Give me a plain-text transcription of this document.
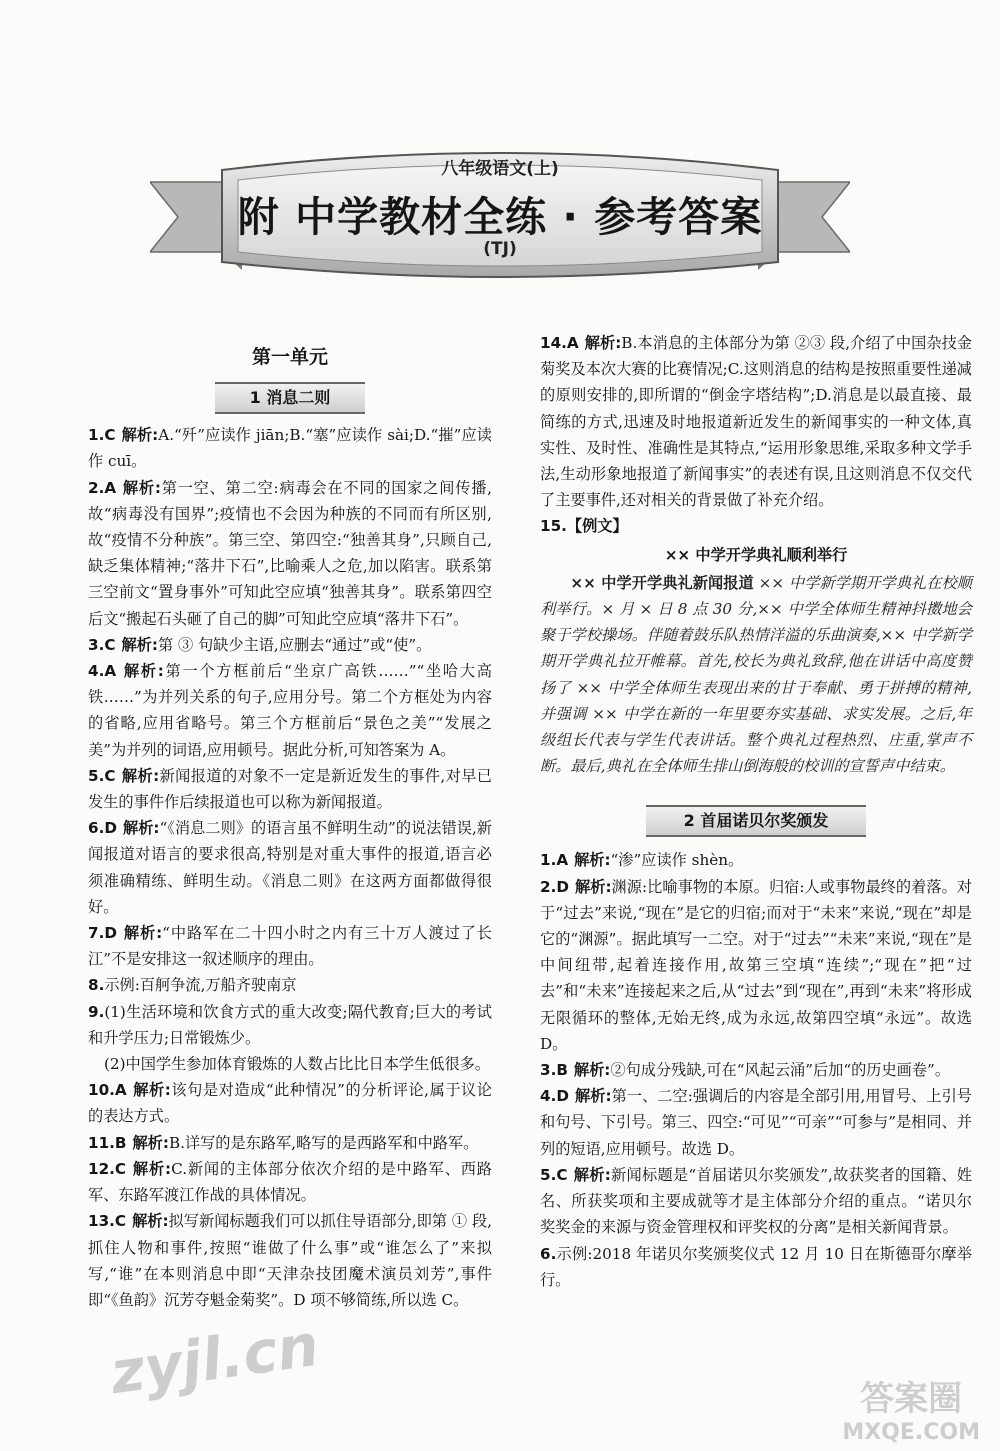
八年级语文(上)
附 中学教材全练 · 参考答案
(TJ)
第一单元
1 消息二则

1.C 解析:A.“歼”应读作 jiān;B.“塞”应读作 sài;D.“摧”应读作 cuī。

2.A 解析:第一空、第二空:病毒会在不同的国家之间传播,故“病毒没有国界”;疫情也不会因为种族的不同而有所区别,故“疫情不分种族”。第三空、第四空:“独善其身”,只顾自己,缺乏集体精神;“落井下石”,比喻乘人之危,加以陷害。联系第三空前文“置身事外”可知此空应填“独善其身”。联系第四空后文“搬起石头砸了自己的脚”可知此空应填“落井下石”。

3.C 解析:第 ③ 句缺少主语,应删去“通过”或“使”。

4.A 解析:第一个方框前后“坐京广高铁……”“坐哈大高铁……”为并列关系的句子,应用分号。第二个方框处为内容的省略,应用省略号。第三个方框前后“景色之美”“发展之美”为并列的词语,应用顿号。据此分析,可知答案为 A。

5.C 解析:新闻报道的对象不一定是新近发生的事件,对早已发生的事件作后续报道也可以称为新闻报道。

6.D 解析:“《消息二则》的语言虽不鲜明生动”的说法错误,新闻报道对语言的要求很高,特别是对重大事件的报道,语言必须准确精练、鲜明生动。《消息二则》在这两方面都做得很好。

7.D 解析:“中路军在二十四小时之内有三十万人渡过了长江”不是安排这一叙述顺序的理由。

8.示例:百舸争流,万船齐驶南京

9.(1)生活环境和饮食方式的重大改变;隔代教育;巨大的考试和升学压力;日常锻炼少。

(2)中国学生参加体育锻炼的人数占比比日本学生低很多。

10.A 解析:该句是对造成“此种情况”的分析评论,属于议论的表达方式。

11.B 解析:B.详写的是东路军,略写的是西路军和中路军。

12.C 解析:C.新闻的主体部分依次介绍的是中路军、西路军、东路军渡江作战的具体情况。

13.C 解析:拟写新闻标题我们可以抓住导语部分,即第 ① 段,抓住人物和事件,按照“谁做了什么事”或“谁怎么了”来拟写,“谁”在本则消息中即“天津杂技团魔术演员刘芳”,事件即“《鱼韵》沉芳夺魁金菊奖”。D 项不够简练,所以选 C。

14.A 解析:B.本消息的主体部分为第 ②③ 段,介绍了中国杂技金菊奖及本次大赛的比赛情况;C.这则消息的结构是按照重要性递减的原则安排的,即所谓的“倒金字塔结构”;D.消息是以最直接、最简练的方式,迅速及时地报道新近发生的新闻事实的一种文体,真实性、及时性、准确性是其特点,“运用形象思维,采取多种文学手法,生动形象地报道了新闻事实”的表述有误,且这则消息不仅交代了主要事件,还对相关的背景做了补充介绍。

15.【例文】
×× 中学开学典礼顺利举行

×× 中学开学典礼新闻报道 ×× 中学新学期开学典礼在校顺利举行。× 月 × 日 8 点 30 分,×× 中学全体师生精神抖擞地会聚于学校操场。伴随着鼓乐队热情洋溢的乐曲演奏,×× 中学新学期开学典礼拉开帷幕。首先,校长为典礼致辞,他在讲话中高度赞扬了 ×× 中学全体师生表现出来的甘于奉献、勇于拼搏的精神,并强调 ×× 中学在新的一年里要夯实基础、求实发展。之后,年级组长代表与学生代表讲话。整个典礼过程热烈、庄重,掌声不断。最后,典礼在全体师生排山倒海般的校训的宣誓声中结束。

2 首届诺贝尔奖颁发

1.A 解析:“渗”应读作 shèn。

2.D 解析:渊源:比喻事物的本原。归宿:人或事物最终的着落。对于“过去”来说,“现在”是它的归宿;而对于“未来”来说,“现在”却是它的“渊源”。据此填写一二空。对于“过去”“未来”来说,“现在”是中间纽带,起着连接作用,故第三空填“连续”;“现在”把“过去”和“未来”连接起来之后,从“过去”到“现在”,再到“未来”将形成无限循环的整体,无始无终,成为永远,故第四空填“永远”。故选 D。

3.B 解析:②句成分残缺,可在“风起云涌”后加“的历史画卷”。

4.D 解析:第一、二空:强调后的内容是全部引用,用冒号、上引号和句号、下引号。第三、四空:“可见”“可亲”“可参与”是相同、并列的短语,应用顿号。故选 D。

5.C 解析:新闻标题是“首届诺贝尔奖颁发”,故获奖者的国籍、姓名、所获奖项和主要成就等才是主体部分介绍的重点。“诺贝尔奖奖金的来源与资金管理权和评奖权的分离”是相关新闻背景。

6.示例:2018 年诺贝尔奖颁奖仪式 12 月 10 日在斯德哥尔摩举行。

zyjl.cn	答案圈
MXQE.COM
